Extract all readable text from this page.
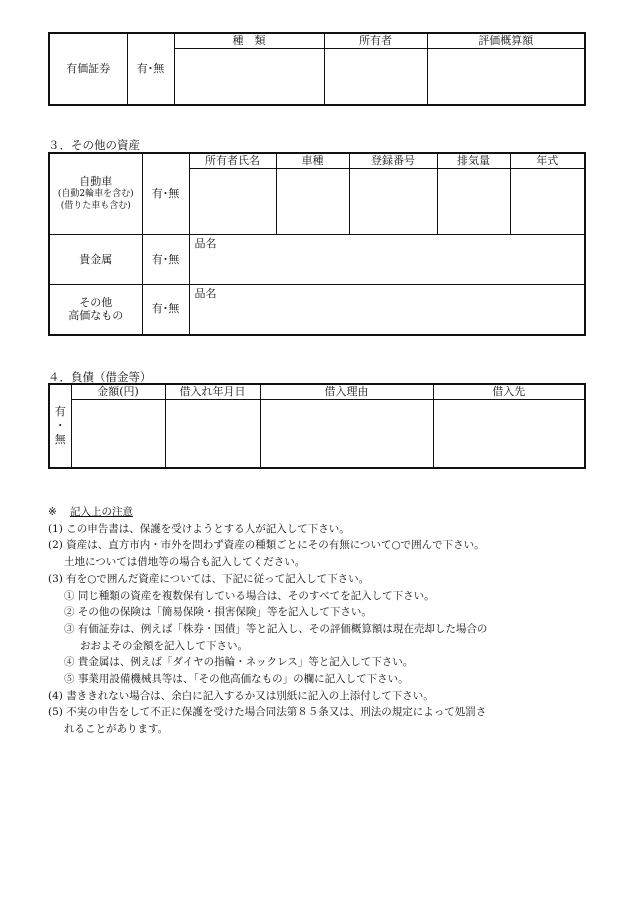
有価証券	有･無	種　類	所有者	評価概算額

３．その他の資産
自動車
(自動2輪車を含む)
(借りた車も含む)	有･無	所有者氏名	車種	登録番号	排気量	年式

貴金属	有･無	品名				
その他
高価なもの	有･無	品名				
４．負債（借金等）
有
･
無	金額(円)	借入れ年月日	借入理由	借入先

※ 記入上の注意
(1) この申告書は、保護を受けようとする人が記入して下さい。
(2) 資産は、直方市内・市外を問わず資産の種類ごとにその有無について○で囲んで下さい。
土地については借地等の場合も記入してください。
(3) 有を○で囲んだ資産については、下記に従って記入して下さい。
① 同じ種類の資産を複数保有している場合は、そのすべてを記入して下さい。
② その他の保険は「簡易保険・損害保険」等を記入して下さい。
③ 有価証券は、例えば「株券・国債」等と記入し、その評価概算額は現在売却した場合の
おおよその金額を記入して下さい。
④ 貴金属は、例えば「ダイヤの指輪・ネックレス」等と記入して下さい。
⑤ 事業用設備機械具等は、「その他高価なもの」の欄に記入して下さい。
(4) 書ききれない場合は、余白に記入するか又は別紙に記入の上添付して下さい。
(5) 不実の申告をして不正に保護を受けた場合同法第８５条又は、刑法の規定によって処罰さ
れることがあります。
